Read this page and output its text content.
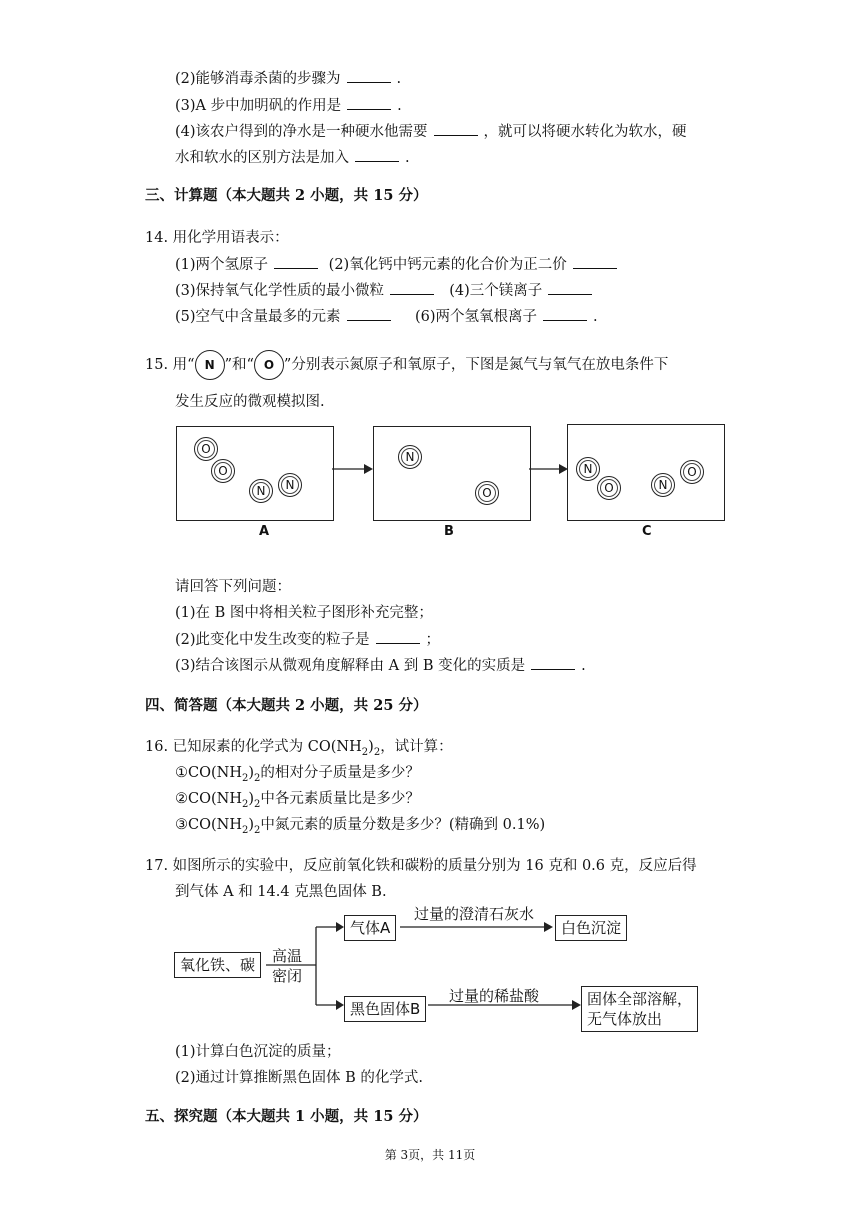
(2)能够消毒杀菌的步骤为	.
(3)A 步中加明矾的作用是	.
(4)该农户得到的净水是一种硬水他需要	，就可以将硬水转化为软水，硬
水和软水的区别方法是加入	.
三、计算题（本大题共 2 小题，共 15 分）
14. 用化学用语表示：
(1)两个氢原子	(2)氧化钙中钙元素的化合价为正二价
(3)保持氧气化学性质的最小微粒	(4)三个镁离子
(5)空气中含量最多的元素	(6)两个氢氧根离子	.
15. 用“ N ”和“ O ”分别表示氮原子和氧原子，下图是氮气与氧气在放电条件下
发生反应的微观模拟图.
O
O
N	N
N
O
N
O	N
O
A	B	C
请回答下列问题：
(1)在 B 图中将相关粒子图形补充完整；
(2)此变化中发生改变的粒子是	；
(3)结合该图示从微观角度解释由 A 到 B 变化的实质是	.
四、简答题（本大题共 2 小题，共 25 分）
16. 已知尿素的化学式为 $CO(NH_2)_2$，试计算：
$①CO(NH_2)_2$的相对分子质量是多少？
$②CO(NH_2)_2$中各元素质量比是多少？
$③CO(NH_2)_2$中氮元素的质量分数是多少？(精确到 0.1%)
17. 如图所示的实验中，反应前氧化铁和碳粉的质量分别为 16 克和 0.6 克，反应后得
到气体 A 和 14.4 克黑色固体 B.
氧化铁、碳	高温
密闭
气体A
过量的澄清石灰水
白色沉淀
黑色固体B
过量的稀盐酸	固体全部溶解，
无气体放出
(1)计算白色沉淀的质量；
(2)通过计算推断黑色固体 B 的化学式.
五、探究题（本大题共 1 小题，共 15 分）
第 3页，共 11页
